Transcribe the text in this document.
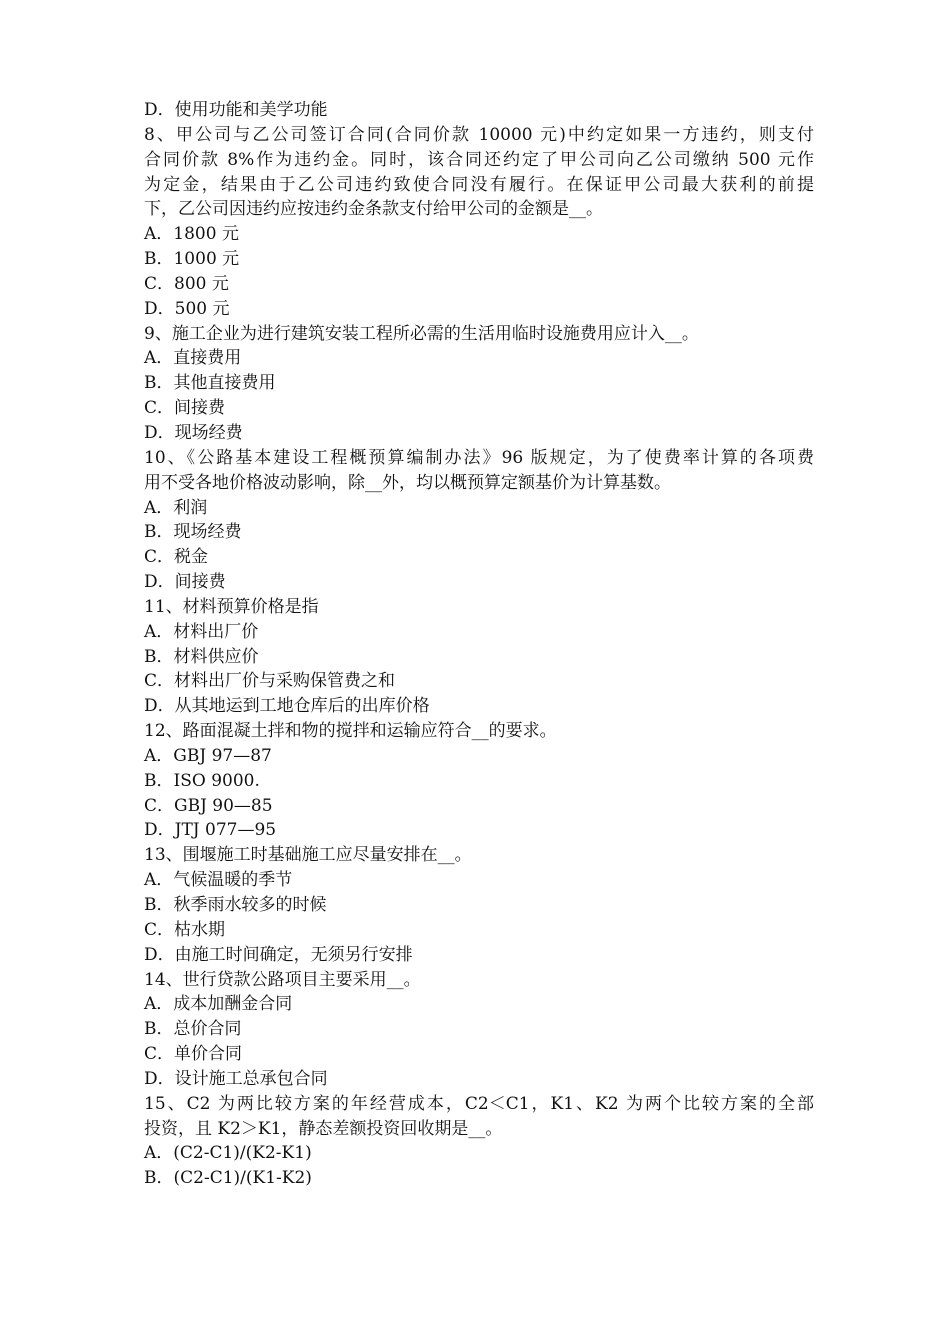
D．使用功能和美学功能
8、甲公司与乙公司签订合同(合同价款 10000 元)中约定如果一方违约，则支付
合同价款 8%作为违约金。同时，该合同还约定了甲公司向乙公司缴纳 500 元作
为定金，结果由于乙公司违约致使合同没有履行。在保证甲公司最大获利的前提
下，乙公司因违约应按违约金条款支付给甲公司的金额是__。
A．1800 元
B．1000 元
C．800 元
D．500 元
9、施工企业为进行建筑安装工程所必需的生活用临时设施费用应计入__。
A．直接费用
B．其他直接费用
C．间接费
D．现场经费
10、《公路基本建设工程概预算编制办法》96 版规定，为了使费率计算的各项费
用不受各地价格波动影响，除__外，均以概预算定额基价为计算基数。
A．利润
B．现场经费
C．税金
D．间接费
11、材料预算价格是指
A．材料出厂价
B．材料供应价
C．材料出厂价与采购保管费之和
D．从其地运到工地仓库后的出库价格
12、路面混凝土拌和物的搅拌和运输应符合__的要求。
A．GBJ 97—87
B．ISO 9000.
C．GBJ 90—85
D．JTJ 077—95
13、围堰施工时基础施工应尽量安排在__。
A．气候温暖的季节
B．秋季雨水较多的时候
C．枯水期
D．由施工时间确定，无须另行安排
14、世行贷款公路项目主要采用__。
A．成本加酬金合同
B．总价合同
C．单价合同
D．设计施工总承包合同
15、C2 为两比较方案的年经营成本，C2＜C1，K1、K2 为两个比较方案的全部
投资，且 K2＞K1，静态差额投资回收期是__。
A．(C2-C1)/(K2-K1)
B．(C2-C1)/(K1-K2)
